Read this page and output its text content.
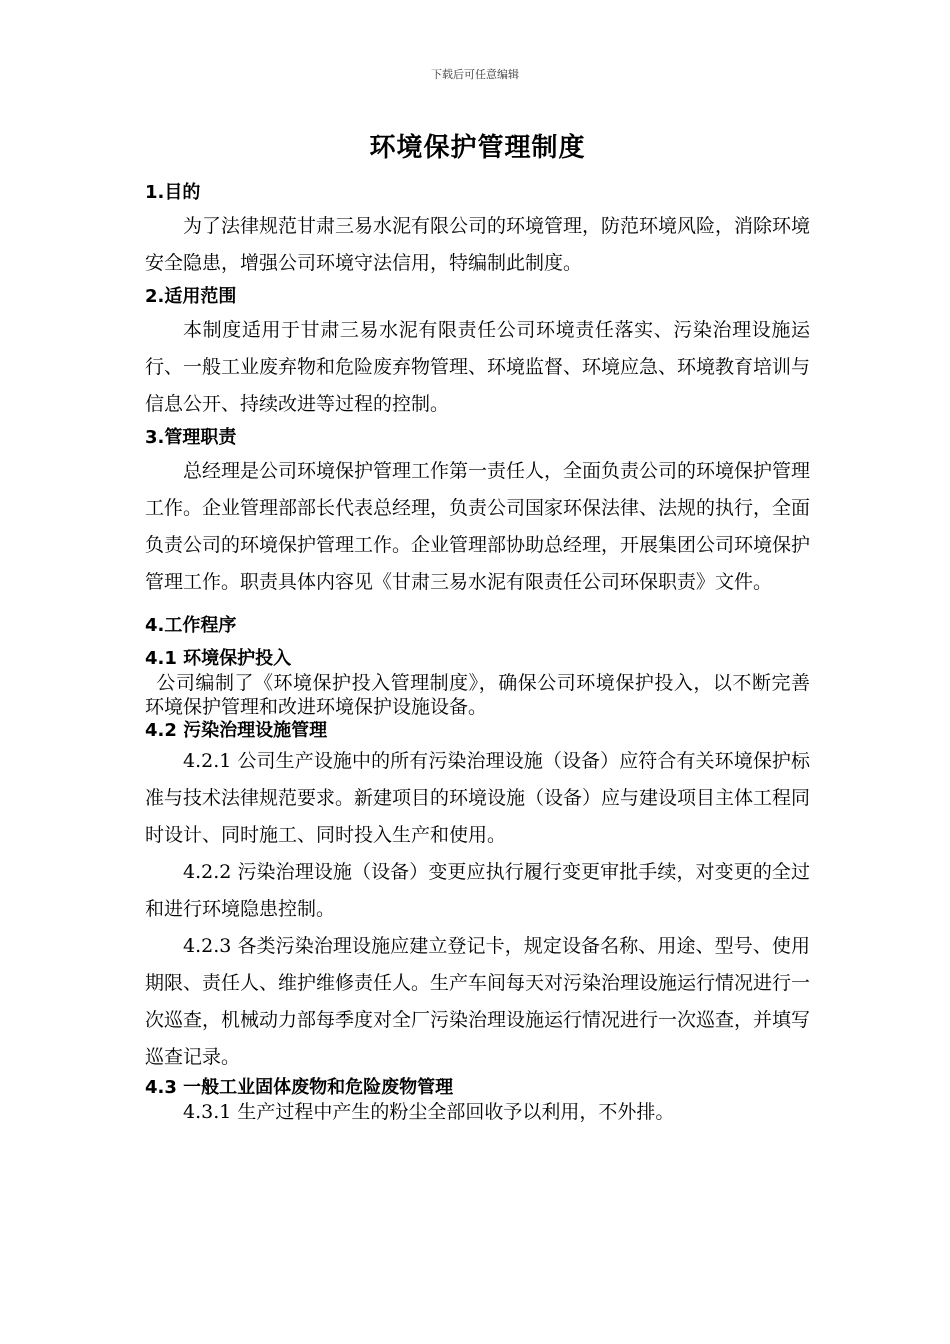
下载后可任意编辑
环境保护管理制度
1.目的
为了法律规范甘肃三易水泥有限公司的环境管理，防范环境风险，消除环境安全隐患，增强公司环境守法信用，特编制此制度。
2.适用范围
本制度适用于甘肃三易水泥有限责任公司环境责任落实、污染治理设施运行、一般工业废弃物和危险废弃物管理、环境监督、环境应急、环境教育培训与信息公开、持续改进等过程的控制。
3.管理职责
总经理是公司环境保护管理工作第一责任人，全面负责公司的环境保护管理工作。企业管理部部长代表总经理，负责公司国家环保法律、法规的执行，全面负责公司的环境保护管理工作。企业管理部协助总经理，开展集团公司环境保护管理工作。职责具体内容见《甘肃三易水泥有限责任公司环保职责》文件。
4.工作程序
4.1 环境保护投入
公司编制了《环境保护投入管理制度》，确保公司环境保护投入，以不断完善环境保护管理和改进环境保护设施设备。
4.2 污染治理设施管理
4.2.1 公司生产设施中的所有污染治理设施（设备）应符合有关环境保护标准与技术法律规范要求。新建项目的环境设施（设备）应与建设项目主体工程同时设计、同时施工、同时投入生产和使用。
4.2.2 污染治理设施（设备）变更应执行履行变更审批手续，对变更的全过和进行环境隐患控制。
4.2.3 各类污染治理设施应建立登记卡，规定设备名称、用途、型号、使用期限、责任人、维护维修责任人。生产车间每天对污染治理设施运行情况进行一次巡查，机械动力部每季度对全厂污染治理设施运行情况进行一次巡查，并填写巡查记录。
4.3 一般工业固体废物和危险废物管理
4.3.1 生产过程中产生的粉尘全部回收予以利用，不外排。
